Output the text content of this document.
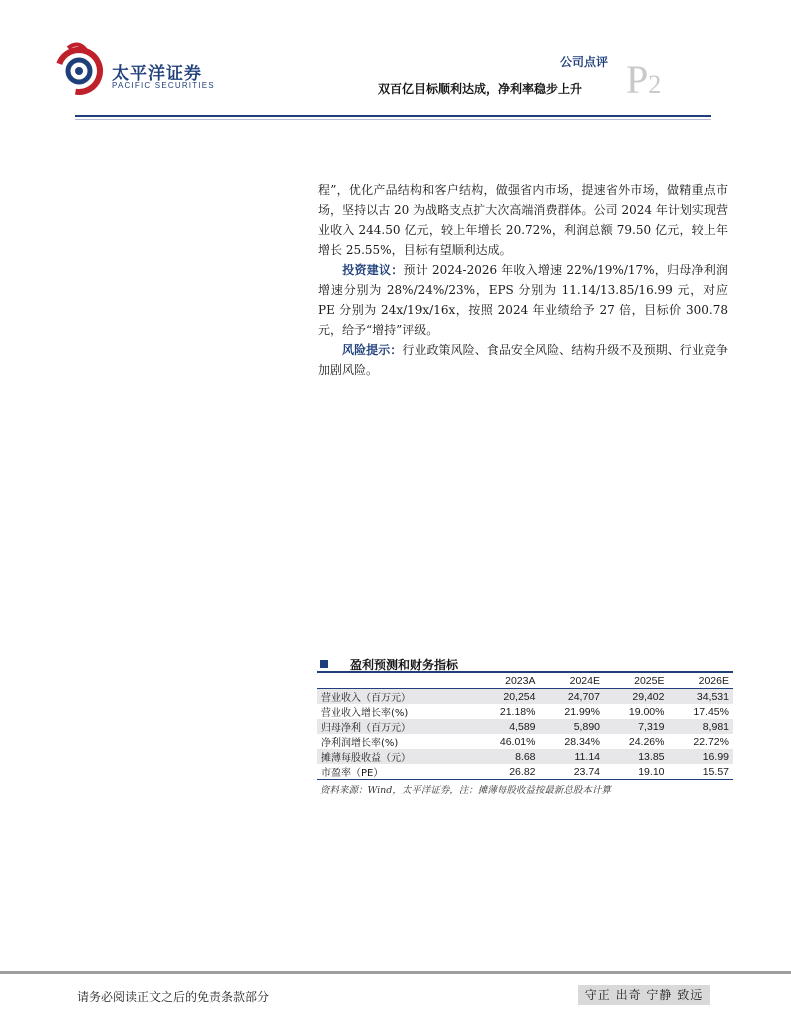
太平洋证券
PACIFIC SECURITIES
公司点评
双百亿目标顺利达成，净利率稳步上升 P2

程”，优化产品结构和客户结构，做强省内市场，提速省外市场，做精重点市场，坚持以古 20 为战略支点扩大次高端消费群体。公司 2024 年计划实现营业收入 244.50 亿元，较上年增长 20.72%，利润总额 79.50 亿元，较上年增长 25.55%，目标有望顺利达成。

  投资建议：预计 2024-2026 年收入增速 22%/19%/17%，归母净利润增速分别为 28%/24%/23%，EPS 分别为 11.14/13.85/16.99 元，对应 PE 分别为 24x/19x/16x，按照 2024 年业绩给予 27 倍，目标价 300.78 元，给予“增持”评级。

  风险提示：行业政策风险、食品安全风险、结构升级不及预期、行业竞争加剧风险。

盈利预测和财务指标
	2023A	2024E	2025E	2026E
营业收入（百万元）	20,254	24,707	29,402	34,531
营业收入增长率(%)	21.18%	21.99%	19.00%	17.45%
归母净利（百万元）	4,589	5,890	7,319	8,981
净利润增长率(%)	46.01%	28.34%	24.26%	22.72%
摊薄每股收益（元）	8.68	11.14	13.85	16.99
市盈率（PE）	26.82	23.74	19.10	15.57
资料来源：Wind，太平洋证券，注：摊薄每股收益按最新总股本计算
请务必阅读正文之后的免责条款部分	守正 出奇 宁静 致远
